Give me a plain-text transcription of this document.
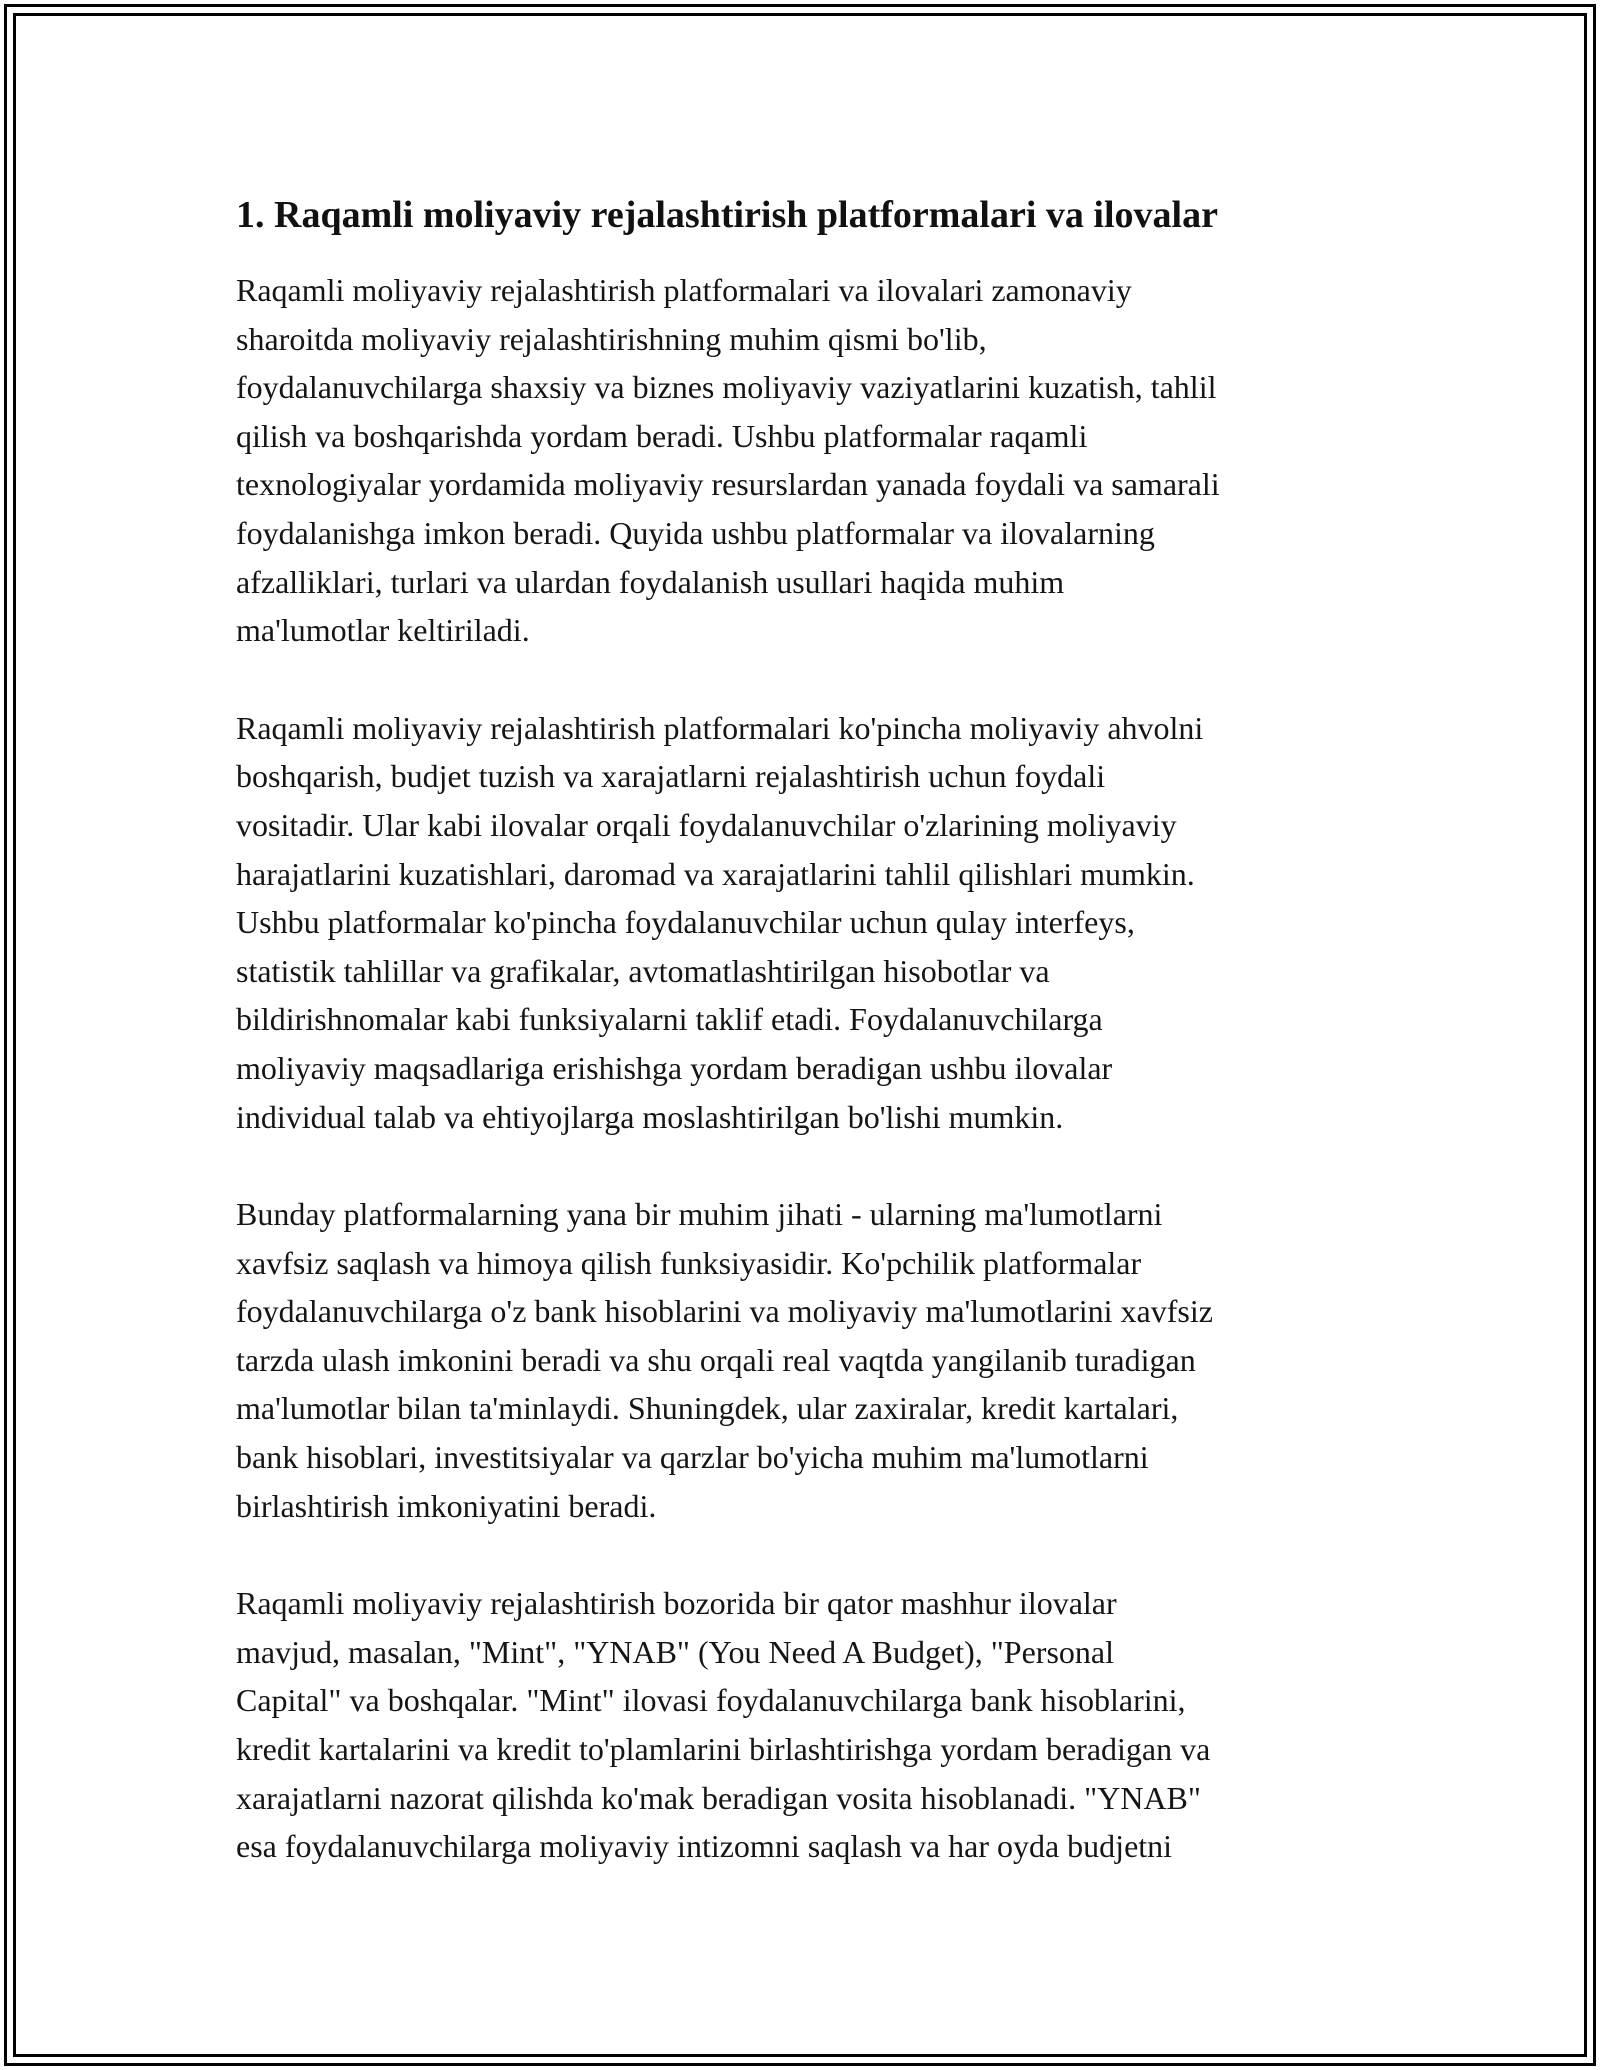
1. Raqamli moliyaviy rejalashtirish platformalari va ilovalar

Raqamli moliyaviy rejalashtirish platformalari va ilovalari zamonaviy
sharoitda moliyaviy rejalashtirishning muhim qismi bo'lib,
foydalanuvchilarga shaxsiy va biznes moliyaviy vaziyatlarini kuzatish, tahlil
qilish va boshqarishda yordam beradi. Ushbu platformalar raqamli
texnologiyalar yordamida moliyaviy resurslardan yanada foydali va samarali
foydalanishga imkon beradi. Quyida ushbu platformalar va ilovalarning
afzalliklari, turlari va ulardan foydalanish usullari haqida muhim
ma'lumotlar keltiriladi.

Raqamli moliyaviy rejalashtirish platformalari ko'pincha moliyaviy ahvolni
boshqarish, budjet tuzish va xarajatlarni rejalashtirish uchun foydali
vositadir. Ular kabi ilovalar orqali foydalanuvchilar o'zlarining moliyaviy
harajatlarini kuzatishlari, daromad va xarajatlarini tahlil qilishlari mumkin.
Ushbu platformalar ko'pincha foydalanuvchilar uchun qulay interfeys,
statistik tahlillar va grafikalar, avtomatlashtirilgan hisobotlar va
bildirishnomalar kabi funksiyalarni taklif etadi. Foydalanuvchilarga
moliyaviy maqsadlariga erishishga yordam beradigan ushbu ilovalar
individual talab va ehtiyojlarga moslashtirilgan bo'lishi mumkin.

Bunday platformalarning yana bir muhim jihati - ularning ma'lumotlarni
xavfsiz saqlash va himoya qilish funksiyasidir. Ko'pchilik platformalar
foydalanuvchilarga o'z bank hisoblarini va moliyaviy ma'lumotlarini xavfsiz
tarzda ulash imkonini beradi va shu orqali real vaqtda yangilanib turadigan
ma'lumotlar bilan ta'minlaydi. Shuningdek, ular zaxiralar, kredit kartalari,
bank hisoblari, investitsiyalar va qarzlar bo'yicha muhim ma'lumotlarni
birlashtirish imkoniyatini beradi.

Raqamli moliyaviy rejalashtirish bozorida bir qator mashhur ilovalar
mavjud, masalan, "Mint", "YNAB" (You Need A Budget), "Personal
Capital" va boshqalar. "Mint" ilovasi foydalanuvchilarga bank hisoblarini,
kredit kartalarini va kredit to'plamlarini birlashtirishga yordam beradigan va
xarajatlarni nazorat qilishda ko'mak beradigan vosita hisoblanadi. "YNAB"
esa foydalanuvchilarga moliyaviy intizomni saqlash va har oyda budjetni
